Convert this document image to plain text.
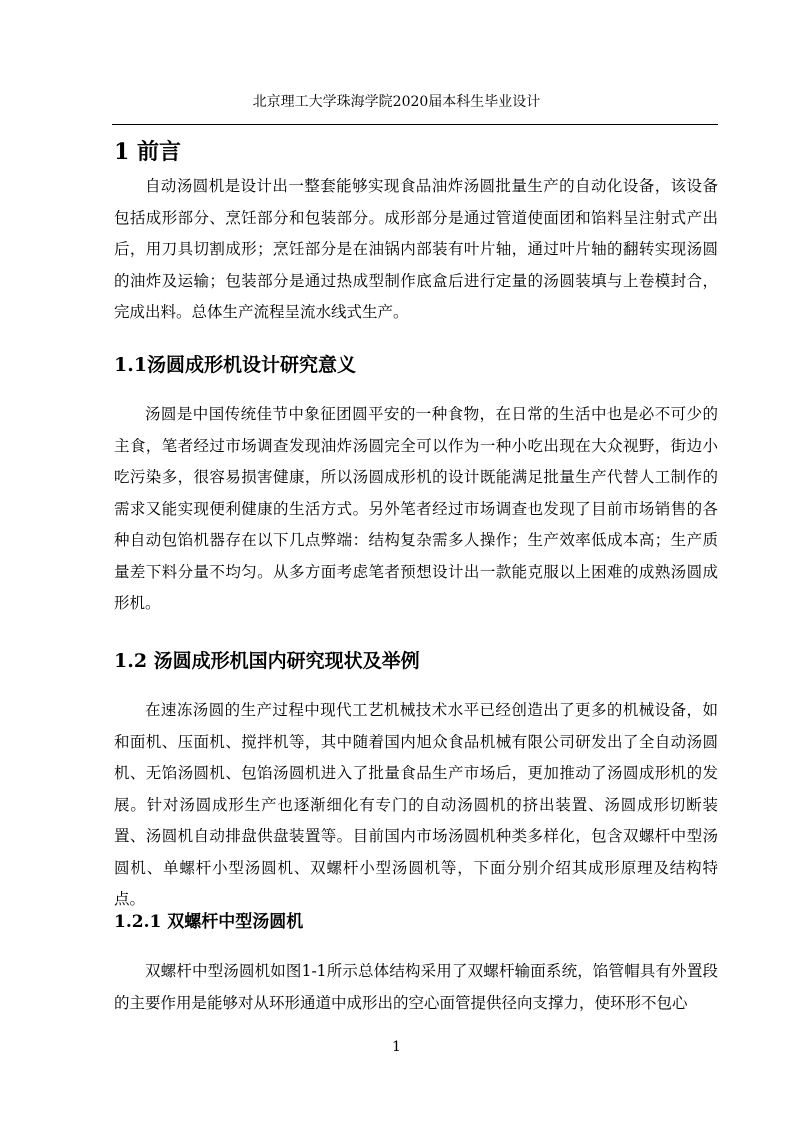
北京理工大学珠海学院2020届本科生毕业设计
1 前言

自动汤圆机是设计出一整套能够实现食品油炸汤圆批量生产的自动化设备，该设备包括成形部分、烹饪部分和包装部分。成形部分是通过管道使面团和馅料呈注射式产出后，用刀具切割成形；烹饪部分是在油锅内部装有叶片轴，通过叶片轴的翻转实现汤圆的油炸及运输；包装部分是通过热成型制作底盒后进行定量的汤圆装填与上卷模封合，完成出料。总体生产流程呈流水线式生产。

1.1汤圆成形机设计研究意义

汤圆是中国传统佳节中象征团圆平安的一种食物，在日常的生活中也是必不可少的主食，笔者经过市场调查发现油炸汤圆完全可以作为一种小吃出现在大众视野，街边小吃污染多，很容易损害健康，所以汤圆成形机的设计既能满足批量生产代替人工制作的需求又能实现便利健康的生活方式。另外笔者经过市场调查也发现了目前市场销售的各种自动包馅机器存在以下几点弊端：结构复杂需多人操作；生产效率低成本高；生产质量差下料分量不均匀。从多方面考虑笔者预想设计出一款能克服以上困难的成熟汤圆成形机。

1.2 汤圆成形机国内研究现状及举例

在速冻汤圆的生产过程中现代工艺机械技术水平已经创造出了更多的机械设备，如和面机、压面机、搅拌机等，其中随着国内旭众食品机械有限公司研发出了全自动汤圆机、无馅汤圆机、包馅汤圆机进入了批量食品生产市场后，更加推动了汤圆成形机的发展。针对汤圆成形生产也逐渐细化有专门的自动汤圆机的挤出装置、汤圆成形切断装置、汤圆机自动排盘供盘装置等。目前国内市场汤圆机种类多样化，包含双螺杆中型汤圆机、单螺杆小型汤圆机、双螺杆小型汤圆机等，下面分别介绍其成形原理及结构特点。

1.2.1 双螺杆中型汤圆机

双螺杆中型汤圆机如图1-1所示总体结构采用了双螺杆输面系统，馅管帽具有外置段的主要作用是能够对从环形通道中成形出的空心面管提供径向支撑力，使环形不包心

1
